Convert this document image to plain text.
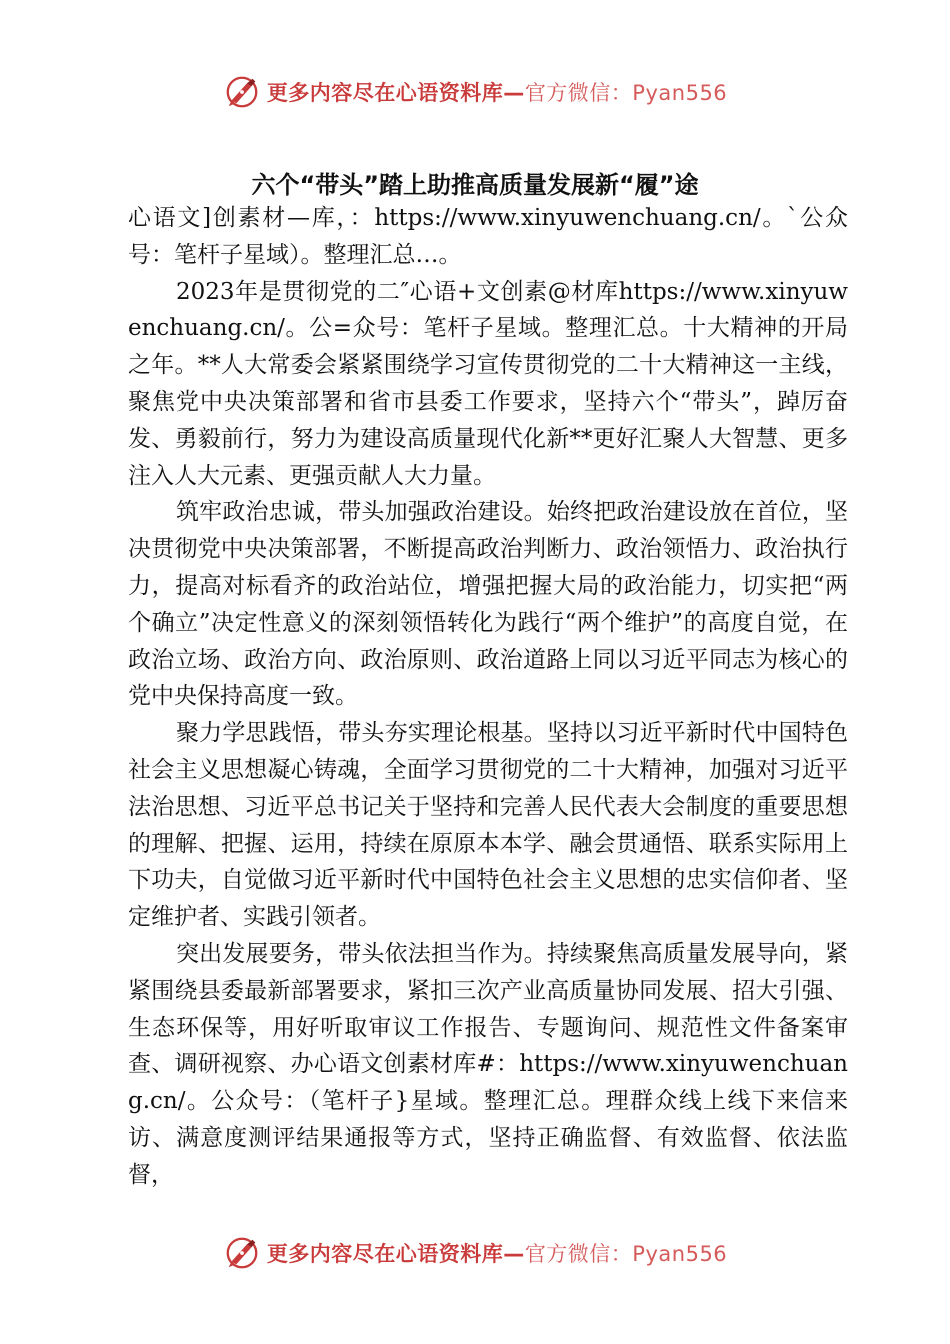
更多内容尽在心语资料库—官方微信：Pyan556
六个“带头”踏上助推高质量发展新“履”途

心语文]创素材—库，：https://www.xinyuwenchuang.cn/。`公众号：笔杆子星域）。整理汇总…。

2023年是贯彻党的二″心语+文创素@材库https://www.xinyuwenchuang.cn/。公=众号：笔杆子星域。整理汇总。十大精神的开局之年。**人大常委会紧紧围绕学习宣传贯彻党的二十大精神这一主线，聚焦党中央决策部署和省市县委工作要求，坚持六个“带头”，踔厉奋发、勇毅前行，努力为建设高质量现代化新**更好汇聚人大智慧、更多注入人大元素、更强贡献人大力量。

筑牢政治忠诚，带头加强政治建设。始终把政治建设放在首位，坚决贯彻党中央决策部署，不断提高政治判断力、政治领悟力、政治执行力，提高对标看齐的政治站位，增强把握大局的政治能力，切实把“两个确立”决定性意义的深刻领悟转化为践行“两个维护”的高度自觉，在政治立场、政治方向、政治原则、政治道路上同以习近平同志为核心的党中央保持高度一致。

聚力学思践悟，带头夯实理论根基。坚持以习近平新时代中国特色社会主义思想凝心铸魂，全面学习贯彻党的二十大精神，加强对习近平法治思想、习近平总书记关于坚持和完善人民代表大会制度的重要思想的理解、把握、运用，持续在原原本本学、融会贯通悟、联系实际用上下功夫，自觉做习近平新时代中国特色社会主义思想的忠实信仰者、坚定维护者、实践引领者。

突出发展要务，带头依法担当作为。持续聚焦高质量发展导向，紧紧围绕县委最新部署要求，紧扣三次产业高质量协同发展、招大引强、生态环保等，用好听取审议工作报告、专题询问、规范性文件备案审查、调研视察、办心语文创素材库#：https://www.xinyuwenchuang.cn/。公众号：（笔杆子}星域。整理汇总。理群众线上线下来信来访、满意度测评结果通报等方式，坚持正确监督、有效监督、依法监督，

更多内容尽在心语资料库—官方微信：Pyan556
